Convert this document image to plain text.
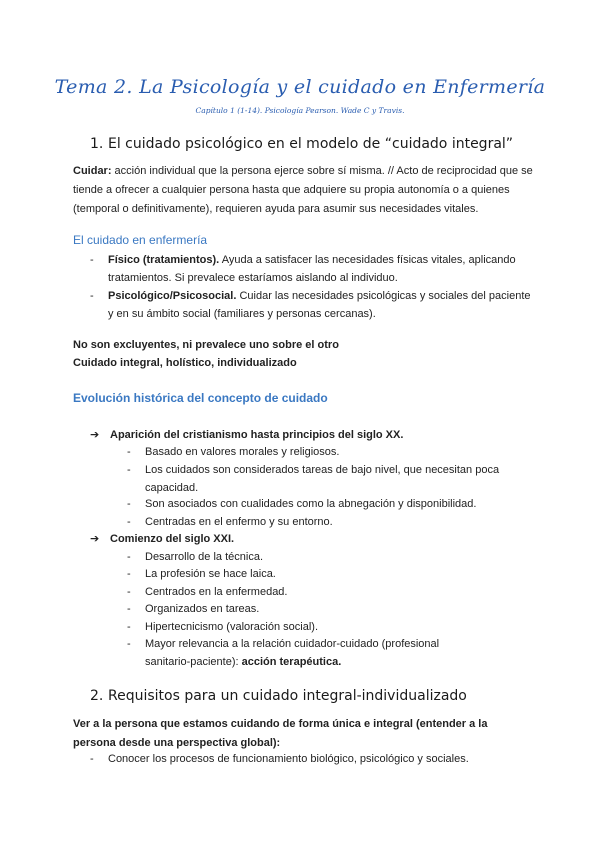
Tema 2. La Psicología y el cuidado en Enfermería
Capítulo 1 (1-14). Psicología Pearson. Wade C y Travis.
1. El cuidado psicológico en el modelo de “cuidado integral”
Cuidar: acción individual que la persona ejerce sobre sí misma. // Acto de reciprocidad que se tiende a ofrecer a cualquier persona hasta que adquiere su propia autonomía o a quienes (temporal o definitivamente), requieren ayuda para asumir sus necesidades vitales.
El cuidado en enfermería
- Físico (tratamientos). Ayuda a satisfacer las necesidades físicas vitales, aplicando tratamientos. Si prevalece estaríamos aislando al individuo.
- Psicológico/Psicosocial. Cuidar las necesidades psicológicas y sociales del paciente y en su ámbito social (familiares y personas cercanas).
No son excluyentes, ni prevalece uno sobre el otro
Cuidado integral, holístico, individualizado
Evolución histórica del concepto de cuidado
➔ Aparición del cristianismo hasta principios del siglo XX.
- Basado en valores morales y religiosos.
- Los cuidados son considerados tareas de bajo nivel, que necesitan poca capacidad.
- Son asociados con cualidades como la abnegación y disponibilidad.
- Centradas en el enfermo y su entorno.
➔ Comienzo del siglo XXI.
- Desarrollo de la técnica.
- La profesión se hace laica.
- Centrados en la enfermedad.
- Organizados en tareas.
- Hipertecnicismo (valoración social).
- Mayor relevancia a la relación cuidador-cuidado (profesional sanitario-paciente): acción terapéutica.
2. Requisitos para un cuidado integral-individualizado
Ver a la persona que estamos cuidando de forma única e integral (entender a la persona desde una perspectiva global):
- Conocer los procesos de funcionamiento biológico, psicológico y sociales.
